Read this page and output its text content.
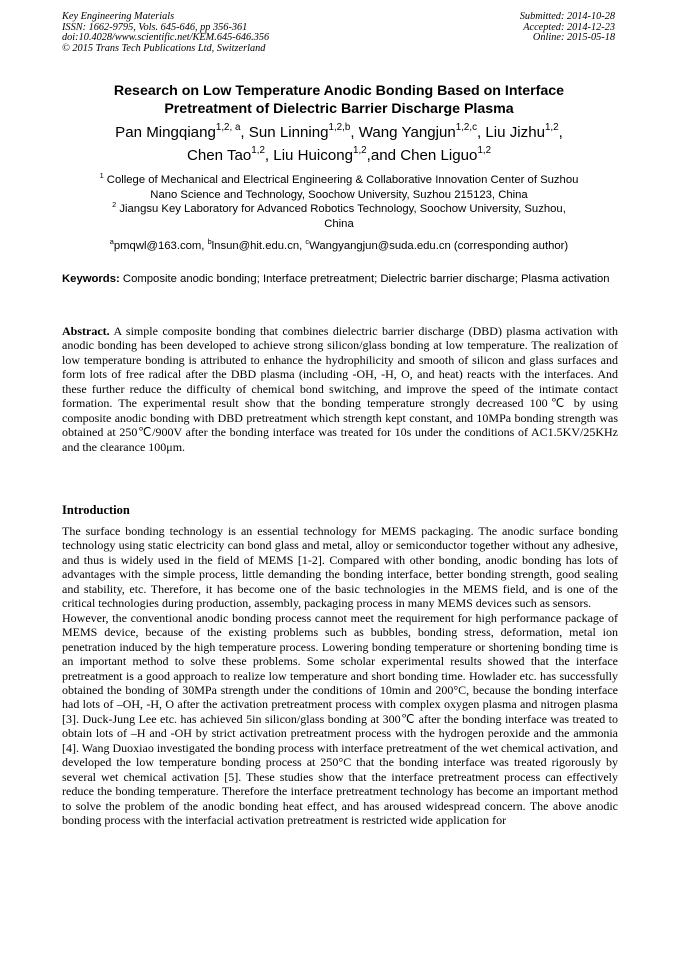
Key Engineering Materials
ISSN: 1662-9795, Vols. 645-646, pp 356-361
doi:10.4028/www.scientific.net/KEM.645-646.356
© 2015 Trans Tech Publications Ltd, Switzerland
Submitted: 2014-10-28
Accepted: 2014-12-23
Online: 2015-05-18
Research on Low Temperature Anodic Bonding Based on Interface
Pretreatment of Dielectric Barrier Discharge Plasma
Pan Mingqiang$^{1,2, a}$, Sun Linning$^{1,2,b}$, Wang Yangjun$^{1,2,c}$, Liu Jizhu$^{1,2}$,
Chen Tao$^{1,2}$, Liu Huicong$^{1,2}$,and Chen Liguo$^{1,2}$
$^1$ College of Mechanical and Electrical Engineering & Collaborative Innovation Center of Suzhou
Nano Science and Technology, Soochow University, Suzhou 215123, China
$^2$ Jiangsu Key Laboratory for Advanced Robotics Technology, Soochow University, Suzhou,
China
$^a$pmqwl@163.com, $^b$lnsun@hit.edu.cn, $^c$Wangyangjun@suda.edu.cn (corresponding author)
Keywords: Composite anodic bonding; Interface pretreatment; Dielectric barrier discharge; Plasma activation
Abstract. A simple composite bonding that combines dielectric barrier discharge (DBD) plasma activation with anodic bonding has been developed to achieve strong silicon/glass bonding at low temperature. The realization of low temperature bonding is attributed to enhance the hydrophilicity and smooth of silicon and glass surfaces and form lots of free radical after the DBD plasma (including -OH, -H, O, and heat) reacts with the interfaces. And these further reduce the difficulty of chemical bond switching, and improve the speed of the intimate contact formation. The experimental result show that the bonding temperature strongly decreased 100℃ by using composite anodic bonding with DBD pretreatment which strength kept constant, and 10MPa bonding strength was obtained at 250℃/900V after the bonding interface was treated for 10s under the conditions of AC1.5KV/25KHz and the clearance 100μm.
Introduction

The surface bonding technology is an essential technology for MEMS packaging. The anodic surface bonding technology using static electricity can bond glass and metal, alloy or semiconductor together without any adhesive, and thus is widely used in the field of MEMS [1-2]. Compared with other bonding, anodic bonding has lots of advantages with the simple process, little demanding the bonding interface, better bonding strength, good sealing and stability, etc. Therefore, it has become one of the basic technologies in the MEMS field, and is one of the critical technologies during production, assembly, packaging process in many MEMS devices such as sensors.

However, the conventional anodic bonding process cannot meet the requirement for high performance package of MEMS device, because of the existing problems such as bubbles, bonding stress, deformation, metal ion penetration induced by the high temperature process. Lowering bonding temperature or shortening bonding time is an important method to solve these problems. Some scholar experimental results showed that the interface pretreatment is a good approach to realize low temperature and short bonding time. Howlader etc. has successfully obtained the bonding of 30MPa strength under the conditions of 10min and 200°C, because the bonding interface had lots of –OH, -H, O after the activation pretreatment process with complex oxygen plasma and nitrogen plasma [3]. Duck-Jung Lee etc. has achieved 5in silicon/glass bonding at 300℃ after the bonding interface was treated to obtain lots of –H and -OH by strict activation pretreatment process with the hydrogen peroxide and the ammonia [4]. Wang Duoxiao investigated the bonding process with interface pretreatment of the wet chemical activation, and developed the low temperature bonding process at 250°C that the bonding interface was treated rigorously by several wet chemical activation [5]. These studies show that the interface pretreatment process can effectively reduce the bonding temperature. Therefore the interface pretreatment technology has become an important method to solve the problem of the anodic bonding heat effect, and has aroused widespread concern. The above anodic bonding process with the interfacial activation pretreatment is restricted wide application for
